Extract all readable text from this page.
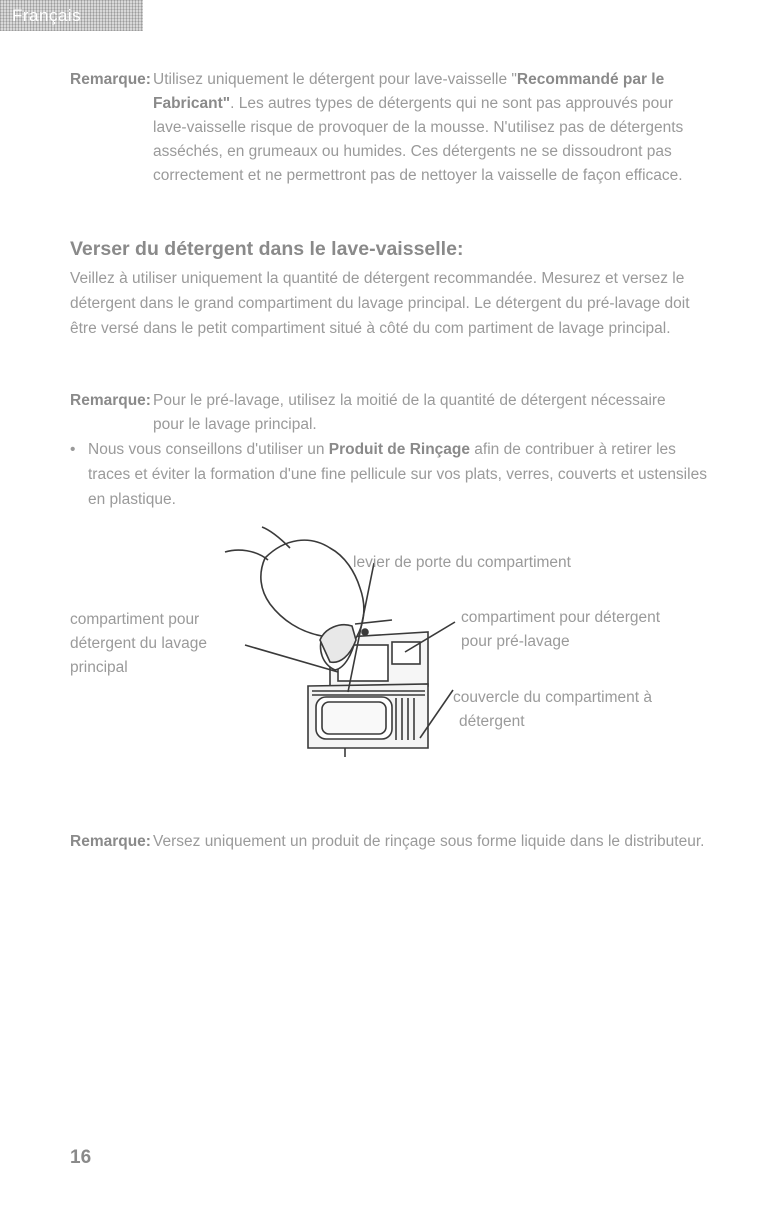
Français
Remarque: Utilisez uniquement le détergent pour lave-vaisselle "Recommandé par le Fabricant". Les autres types de détergents qui ne sont pas approuvés pour lave-vaisselle risque de provoquer de la mousse. N'utilisez pas de détergents asséchés, en grumeaux ou humides. Ces détergents ne se dissoudront pas correctement et ne permettront pas de nettoyer la vaisselle de façon efficace.
Verser du détergent dans le lave-vaisselle:
Veillez à utiliser uniquement la quantité de détergent recommandée. Mesurez et versez le détergent dans le grand compartiment du lavage principal. Le détergent du pré-lavage doit être versé dans le petit compartiment situé à côté du com partiment de lavage principal.
Remarque: Pour le pré-lavage, utilisez la moitié de la quantité de détergent nécessaire pour le lavage principal.
• Nous vous conseillons d'utiliser un Produit de Rinçage afin de contribuer à retirer les traces et éviter la formation d'une fine pellicule sur vos plats, verres, couverts et ustensiles en plastique.
levier de porte du compartiment
compartiment pour
détergent du lavage
principal
compartiment pour détergent
pour pré-lavage
couvercle du compartiment à
détergent
Remarque: Versez uniquement un produit de rinçage sous forme liquide dans le distributeur.
16
